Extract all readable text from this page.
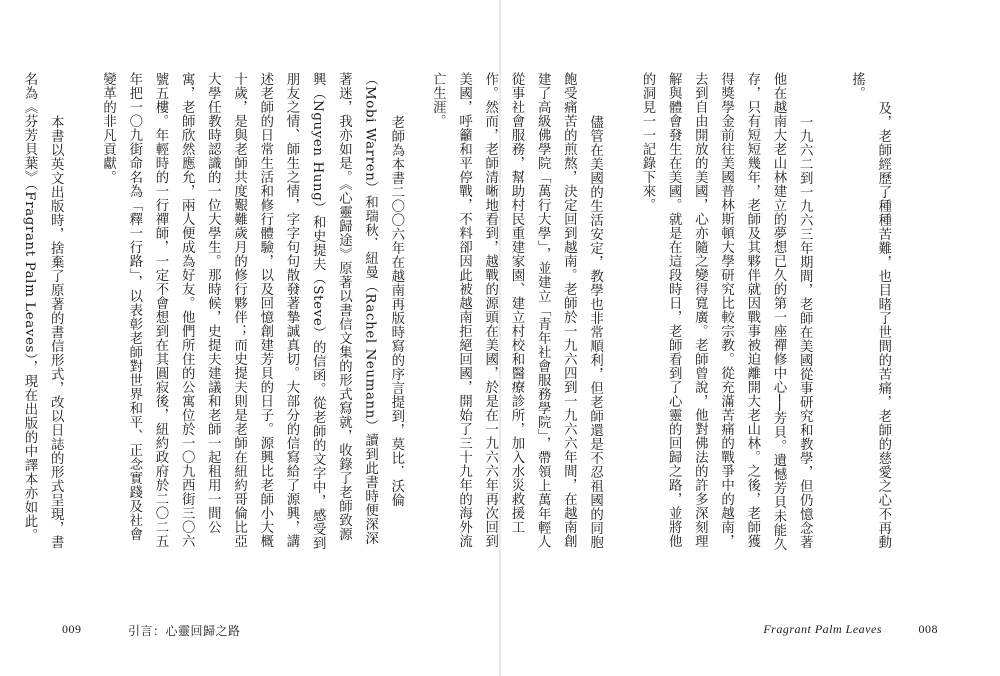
　老師為本書二〇〇六年在越南再版時寫的序言提到，莫比．沃倫（Mobi Warren）和瑞秋．紐曼（Rachel Neumann）讀到此書時便深深著迷，我亦如是。《心靈歸途》原著以書信文集的形式寫就，收錄了老師致源興（Nguyen Hung）和史提夫（Steve）的信函。從老師的文字中，感受到朋友之情、師生之情，字字句句散發著摯誠真切。大部分的信寫給了源興，講述老師的日常生活和修行體驗，以及回憶創建芳貝的日子。源興比老師小大概十歲，是與老師共度艱難歲月的修行夥伴；而史提夫則是老師在紐約哥倫比亞大學任教時認識的一位大學生。那時候，史提夫建議和老師一起租用一間公寓，老師欣然應允，兩人便成為好友。他們所住的公寓位於一〇九西街三〇六號五樓。年輕時的一行禪師，一定不會想到在其圓寂後，紐約政府於二〇二五年把一〇九街命名為「釋一行路」，以表彰老師對世界和平、正念實踐及社會變革的非凡貢獻。
　本書以英文出版時，捨棄了原著的書信形式，改以日誌的形式呈現，書名為《芬芳貝葉》（Fragrant Palm Leaves），現在出版的中譯本亦如此。

009	引言：心靈回歸之路

及，老師經歷了種種苦難，也目睹了世間的苦痛，老師的慈愛之心不再動搖。
　一九六二到一九六三年期間，老師在美國從事研究和教學，但仍憶念著他在越南大老山林建立的夢想已久的第一座禪修中心──芳貝。遺憾芳貝未能久存，只有短短幾年，老師及其夥伴就因戰事被迫離開大老山林。之後，老師獲得獎學金前往美國普林斯頓大學研究比較宗教。從充滿苦痛的戰爭中的越南，去到自由開放的美國，心亦隨之變得寬廣。老師曾說，他對佛法的許多深刻理解與體會發生在美國。就是在這段時日，老師看到了心靈的回歸之路，並將他的洞見一一記錄下來。
　儘管在美國的生活安定，教學也非常順利，但老師還是不忍祖國的同胞飽受痛苦的煎熬，決定回到越南。老師於一九六四到一九六六年間，在越南創建了高級佛學院「萬行大學」，並建立「青年社會服務學院」，帶領上萬年輕人從事社會服務，幫助村民重建家園、建立村校和醫療診所，加入水災救援工作。然而，老師清晰地看到，越戰的源頭在美國，於是在一九六六年再次回到美國，呼籲和平停戰，不料卻因此被越南拒絕回國，開始了三十九年的海外流亡生涯。

Fragrant Palm Leaves	008
